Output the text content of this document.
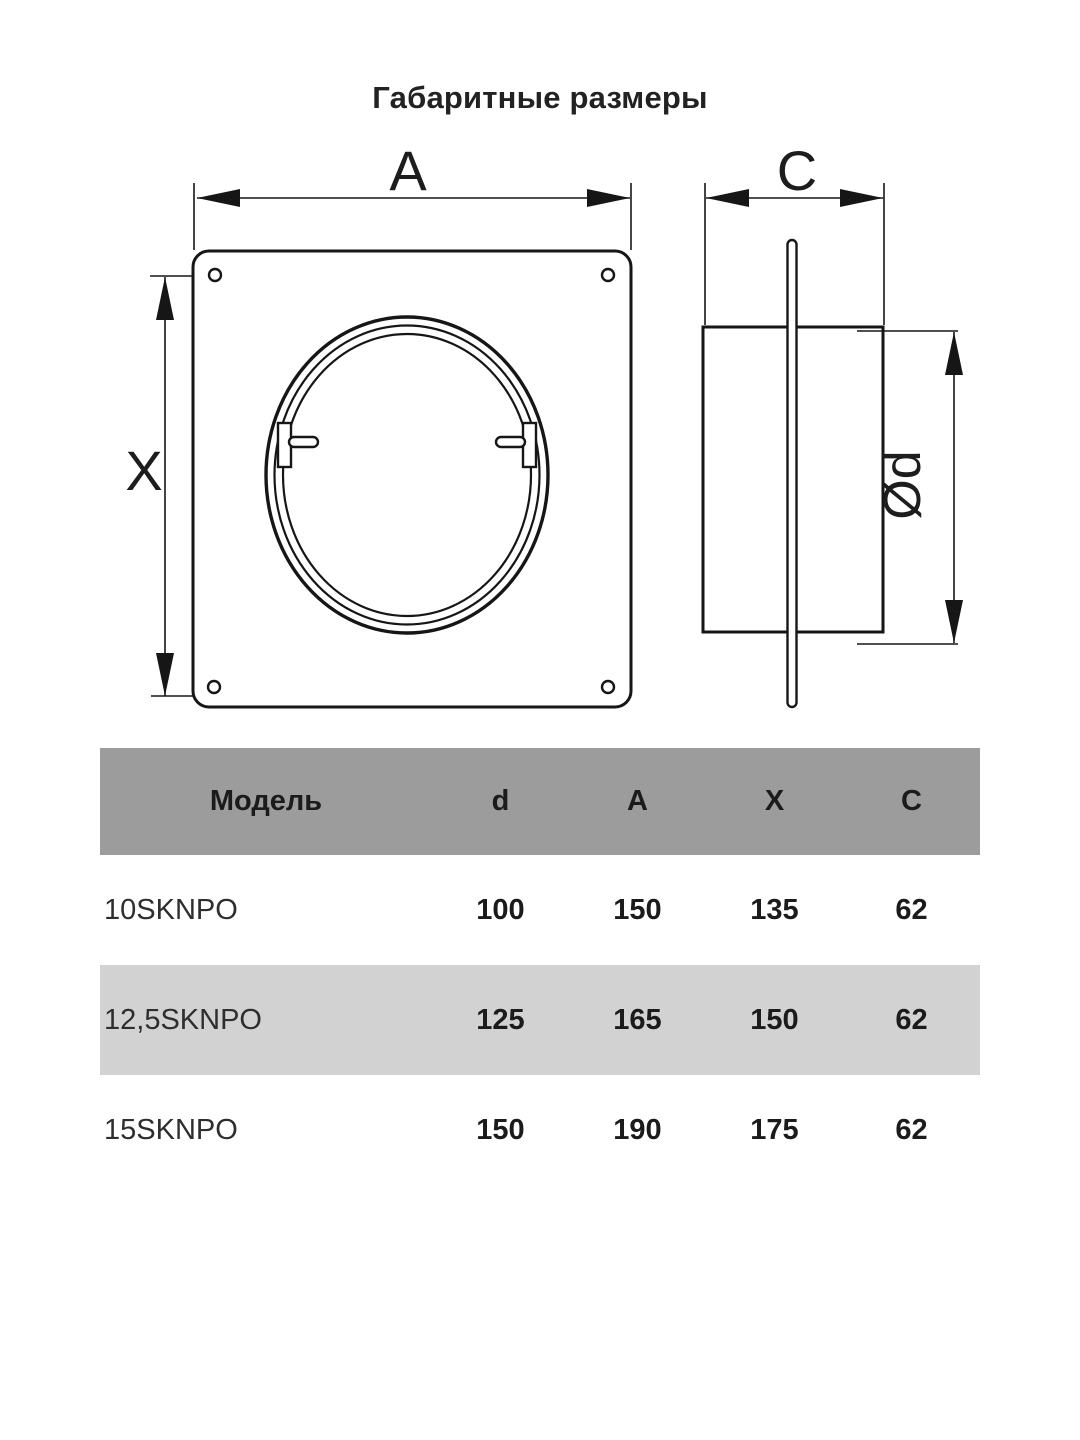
Габаритные размеры
A
X
C
Ød
Модель	d	A	X	C
10SKNPO	100	150	135	62
12,5SKNPO	125	165	150	62
15SKNPO	150	190	175	62
